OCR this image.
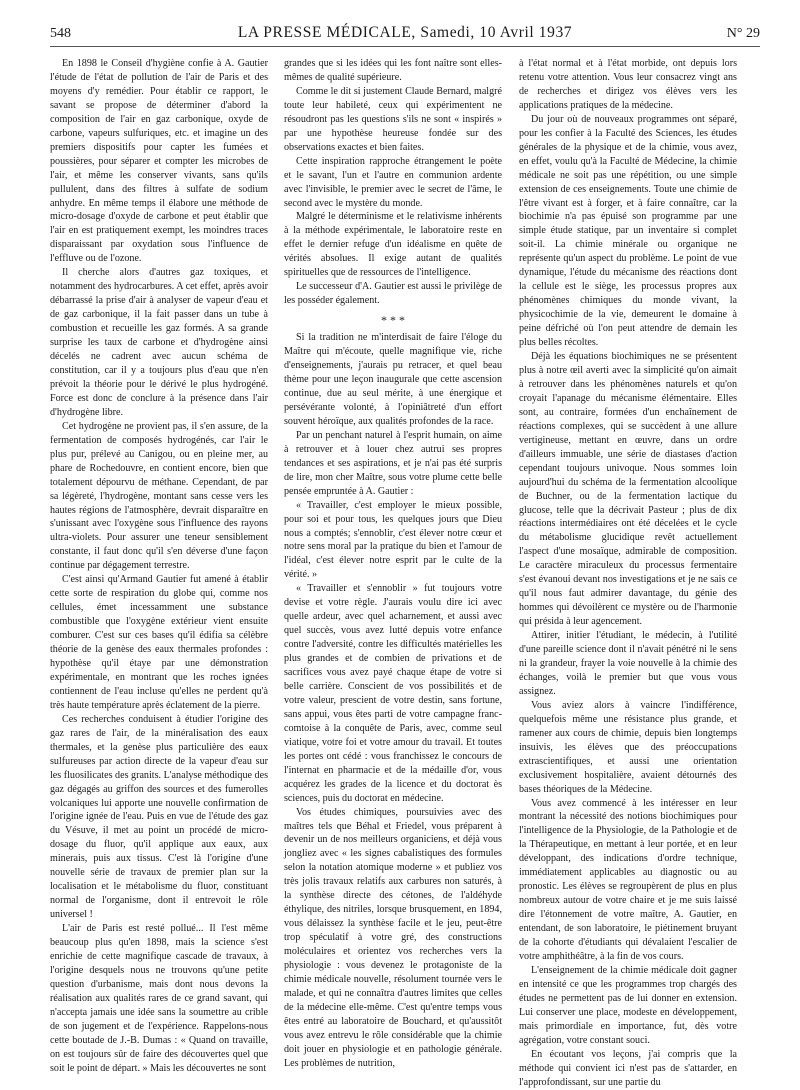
548	LA PRESSE MÉDICALE, Samedi, 10 Avril 1937	N° 29

En 1898 le Conseil d'hygiène confie à A. Gautier l'étude de l'état de pollution de l'air de Paris et des moyens d'y remédier. Pour établir ce rapport, le savant se propose de déterminer d'abord la composition de l'air en gaz carbonique, oxyde de carbone, vapeurs sulfuriques, etc. et imagine un des premiers dispositifs pour capter les fumées et poussières, pour séparer et compter les microbes de l'air, et même les conserver vivants, sans qu'ils pullulent, dans des filtres à sulfate de sodium anhydre. En même temps il élabore une méthode de micro-dosage d'oxyde de carbone et peut établir que l'air en est pratiquement exempt, les moindres traces disparaissant par oxydation sous l'influence de l'effluve ou de l'ozone.

Il cherche alors d'autres gaz toxiques, et notamment des hydrocarbures. A cet effet, après avoir débarrassé la prise d'air à analyser de vapeur d'eau et de gaz carbonique, il la fait passer dans un tube à combustion et recueille les gaz formés. A sa grande surprise les taux de carbone et d'hydrogène ainsi décelés ne cadrent avec aucun schéma de constitution, car il y a toujours plus d'eau que n'en prévoit la théorie pour le dérivé le plus hydrogéné. Force est donc de conclure à la présence dans l'air d'hydrogène libre.

Cet hydrogène ne provient pas, il s'en assure, de la fermentation de composés hydrogénés, car l'air le plus pur, prélevé au Canigou, ou en pleine mer, au phare de Rochedouvre, en contient encore, bien que totalement dépourvu de méthane. Cependant, de par sa légèreté, l'hydrogène, montant sans cesse vers les hautes régions de l'atmosphère, devrait disparaître en s'unissant avec l'oxygène sous l'influence des rayons ultra-violets. Pour assurer une teneur sensiblement constante, il faut donc qu'il s'en déverse d'une façon continue par dégagement terrestre.

C'est ainsi qu'Armand Gautier fut amené à établir cette sorte de respiration du globe qui, comme nos cellules, émet incessamment une substance combustible que l'oxygène extérieur vient ensuite comburer. C'est sur ces bases qu'il édifia sa célèbre théorie de la genèse des eaux thermales profondes : hypothèse qu'il étaye par une démonstration expérimentale, en montrant que les roches ignées contiennent de l'eau incluse qu'elles ne perdent qu'à très haute température après éclatement de la pierre.

Ces recherches conduisent à étudier l'origine des gaz rares de l'air, de la minéralisation des eaux thermales, et la genèse plus particulière des eaux sulfureuses par action directe de la vapeur d'eau sur les fluosilicates des granits. L'analyse méthodique des gaz dégagés au griffon des sources et des fumerolles volcaniques lui apporte une nouvelle confirmation de l'origine ignée de l'eau. Puis en vue de l'étude des gaz du Vésuve, il met au point un procédé de micro-dosage du fluor, qu'il applique aux eaux, aux minerais, puis aux tissus. C'est là l'origine d'une nouvelle série de travaux de premier plan sur la localisation et le métabolisme du fluor, constituant normal de l'organisme, dont il entrevoit le rôle universel !

L'air de Paris est resté pollué... Il l'est même beaucoup plus qu'en 1898, mais la science s'est enrichie de cette magnifique cascade de travaux, à l'origine desquels nous ne trouvons qu'une petite question d'urbanisme, mais dont nous devons la réalisation aux qualités rares de ce grand savant, qui n'accepta jamais une idée sans la soumettre au crible de son jugement et de l'expérience. Rappelons-nous cette boutade de J.-B. Dumas : « Quand on travaille, on est toujours sûr de faire des découvertes quel que soit le point de départ. » Mais les découvertes ne sont

grandes que si les idées qui les font naître sont elles-mêmes de qualité supérieure.

Comme le dit si justement Claude Bernard, malgré toute leur habileté, ceux qui expérimentent ne résoudront pas les questions s'ils ne sont « inspirés » par une hypothèse heureuse fondée sur des observations exactes et bien faites.

Cette inspiration rapproche étrangement le poète et le savant, l'un et l'autre en communion ardente avec l'invisible, le premier avec le secret de l'âme, le second avec le mystère du monde.

Malgré le déterminisme et le relativisme inhérents à la méthode expérimentale, le laboratoire reste en effet le dernier refuge d'un idéalisme en quête de vérités absolues. Il exige autant de qualités spirituelles que de ressources de l'intelligence.

Le successeur d'A. Gautier est aussi le privilège de les posséder également.

* * *

Si la tradition ne m'interdisait de faire l'éloge du Maître qui m'écoute, quelle magnifique vie, riche d'enseignements, j'aurais pu retracer, et quel beau thème pour une leçon inaugurale que cette ascension continue, due au seul mérite, à une énergique et persévérante volonté, à l'opiniâtreté d'un effort souvent héroïque, aux qualités profondes de la race.

Par un penchant naturel à l'esprit humain, on aime à retrouver et à louer chez autrui ses propres tendances et ses aspirations, et je n'ai pas été surpris de lire, mon cher Maître, sous votre plume cette belle pensée empruntée à A. Gautier :

« Travailler, c'est employer le mieux possible, pour soi et pour tous, les quelques jours que Dieu nous a comptés; s'ennoblir, c'est élever notre cœur et notre sens moral par la pratique du bien et l'amour de l'idéal, c'est élever notre esprit par le culte de la vérité. »

« Travailler et s'ennoblir » fut toujours votre devise et votre règle. J'aurais voulu dire ici avec quelle ardeur, avec quel acharnement, et aussi avec quel succès, vous avez lutté depuis votre enfance contre l'adversité, contre les difficultés matérielles les plus grandes et de combien de privations et de sacrifices vous avez payé chaque étape de votre si belle carrière. Conscient de vos possibilités et de votre valeur, prescient de votre destin, sans fortune, sans appui, vous êtes parti de votre campagne franc-comtoise à la conquête de Paris, avec, comme seul viatique, votre foi et votre amour du travail. Et toutes les portes ont cédé : vous franchissez le concours de l'internat en pharmacie et de la médaille d'or, vous acquérez les grades de la licence et du doctorat ès sciences, puis du doctorat en médecine.

Vos études chimiques, poursuivies avec des maîtres tels que Béhal et Friedel, vous préparent à devenir un de nos meilleurs organiciens, et déjà vous jongliez avec « les signes cabalistiques des formules selon la notation atomique moderne » et publiez vos très jolis travaux relatifs aux carbures non saturés, à la synthèse directe des cétones, de l'aldéhyde éthylique, des nitriles, lorsque brusquement, en 1894, vous délaissez la synthèse facile et le jeu, peut-être trop spéculatif à votre gré, des constructions moléculaires et orientez vos recherches vers la physiologie : vous devenez le protagoniste de la chimie médicale nouvelle, résolument tournée vers le malade, et qui ne connaîtra d'autres limites que celles de la médecine elle-même. C'est qu'entre temps vous êtes entré au laboratoire de Bouchard, et qu'aussitôt vous avez entrevu le rôle considérable que la chimie doit jouer en physiologie et en pathologie générale. Les problèmes de nutrition,

à l'état normal et à l'état morbide, ont depuis lors retenu votre attention. Vous leur consacrez vingt ans de recherches et dirigez vos élèves vers les applications pratiques de la médecine.

Du jour où de nouveaux programmes ont séparé, pour les confier à la Faculté des Sciences, les études générales de la physique et de la chimie, vous avez, en effet, voulu qu'à la Faculté de Médecine, la chimie médicale ne soit pas une répétition, ou une simple extension de ces enseignements. Toute une chimie de l'être vivant est à forger, et à faire connaître, car la biochimie n'a pas épuisé son programme par une simple étude statique, par un inventaire si complet soit-il. La chimie minérale ou organique ne représente qu'un aspect du problème. Le point de vue dynamique, l'étude du mécanisme des réactions dont la cellule est le siège, les processus propres aux phénomènes chimiques du monde vivant, la physicochimie de la vie, demeurent le domaine à peine défriché où l'on peut attendre de demain les plus belles récoltes.

Déjà les équations biochimiques ne se présentent plus à notre œil averti avec la simplicité qu'on aimait à retrouver dans les phénomènes naturels et qu'on croyait l'apanage du mécanisme élémentaire. Elles sont, au contraire, formées d'un enchaînement de réactions complexes, qui se succèdent à une allure vertigineuse, mettant en œuvre, dans un ordre d'ailleurs immuable, une série de diastases d'action cependant toujours univoque. Nous sommes loin aujourd'hui du schéma de la fermentation alcoolique de Buchner, ou de la fermentation lactique du glucose, telle que la décrivait Pasteur ; plus de dix réactions intermédiaires ont été décelées et le cycle du métabolisme glucidique revêt actuellement l'aspect d'une mosaïque, admirable de composition. Le caractère miraculeux du processus fermentaire s'est évanoui devant nos investigations et je ne sais ce qu'il nous faut admirer davantage, du génie des hommes qui dévoilèrent ce mystère ou de l'harmonie qui présida à leur agencement.

Attirer, initier l'étudiant, le médecin, à l'utilité d'une pareille science dont il n'avait pénétré ni le sens ni la grandeur, frayer la voie nouvelle à la chimie des échanges, voilà le premier but que vous vous assignez.

Vous aviez alors à vaincre l'indifférence, quelquefois même une résistance plus grande, et ramener aux cours de chimie, depuis bien longtemps insuivis, les élèves que des préoccupations extrascientifiques, et aussi une orientation exclusivement hospitalière, avaient détournés des bases théoriques de la Médecine.

Vous avez commencé à les intéresser en leur montrant la nécessité des notions biochimiques pour l'intelligence de la Physiologie, de la Pathologie et de la Thérapeutique, en mettant à leur portée, et en leur développant, des indications d'ordre technique, immédiatement applicables au diagnostic ou au pronostic. Les élèves se regroupèrent de plus en plus nombreux autour de votre chaire et je me suis laissé dire l'étonnement de votre maître, A. Gautier, en entendant, de son laboratoire, le piétinement bruyant de la cohorte d'étudiants qui dévalaient l'escalier de votre amphithéâtre, à la fin de vos cours.

L'enseignement de la chimie médicale doit gagner en intensité ce que les programmes trop chargés des études ne permettent pas de lui donner en extension. Lui conserver une place, modeste en développement, mais primordiale en importance, fut, dès votre agrégation, votre constant souci.

En écoutant vos leçons, j'ai compris que la méthode qui convient ici n'est pas de s'attarder, en l'approfondissant, sur une partie du
